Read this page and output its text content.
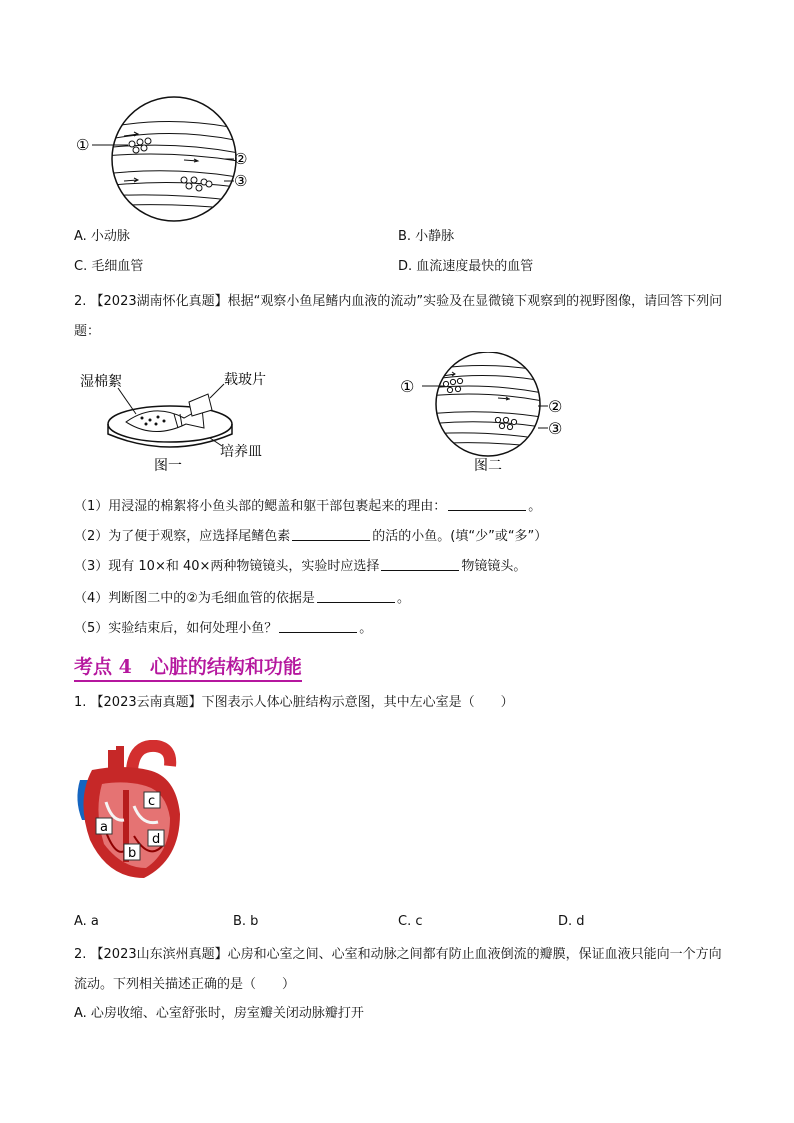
①
②
③
A. 小动脉	B. 小静脉
C. 毛细血管	D. 血流速度最快的血管
2. 【2023湖南怀化真题】根据“观察小鱼尾鳍内血液的流动”实验及在显微镜下观察到的视野图像，请回答下列问题：
湿棉絮	载玻片
培养皿
图一
①
②
③
图二
（1）用浸湿的棉絮将小鱼头部的鳃盖和躯干部包裹起来的理由：	。
（2）为了便于观察，应选择尾鳍色素	的活的小鱼。(填“少”或“多”）
（3）现有 10×和 40×两种物镜镜头，实验时应选择	物镜镜头。
（4）判断图二中的②为毛细血管的依据是	。
（5）实验结束后，如何处理小鱼？	。
考点 4 心脏的结构和功能
1. 【2023云南真题】下图表示人体心脏结构示意图，其中左心室是（　　）
c
a
d
b
A. a	B. b	C. c	D. d
2. 【2023山东滨州真题】心房和心室之间、心室和动脉之间都有防止血液倒流的瓣膜，保证血液只能向一个方向流动。下列相关描述正确的是（　　）
A. 心房收缩、心室舒张时，房室瓣关闭动脉瓣打开
